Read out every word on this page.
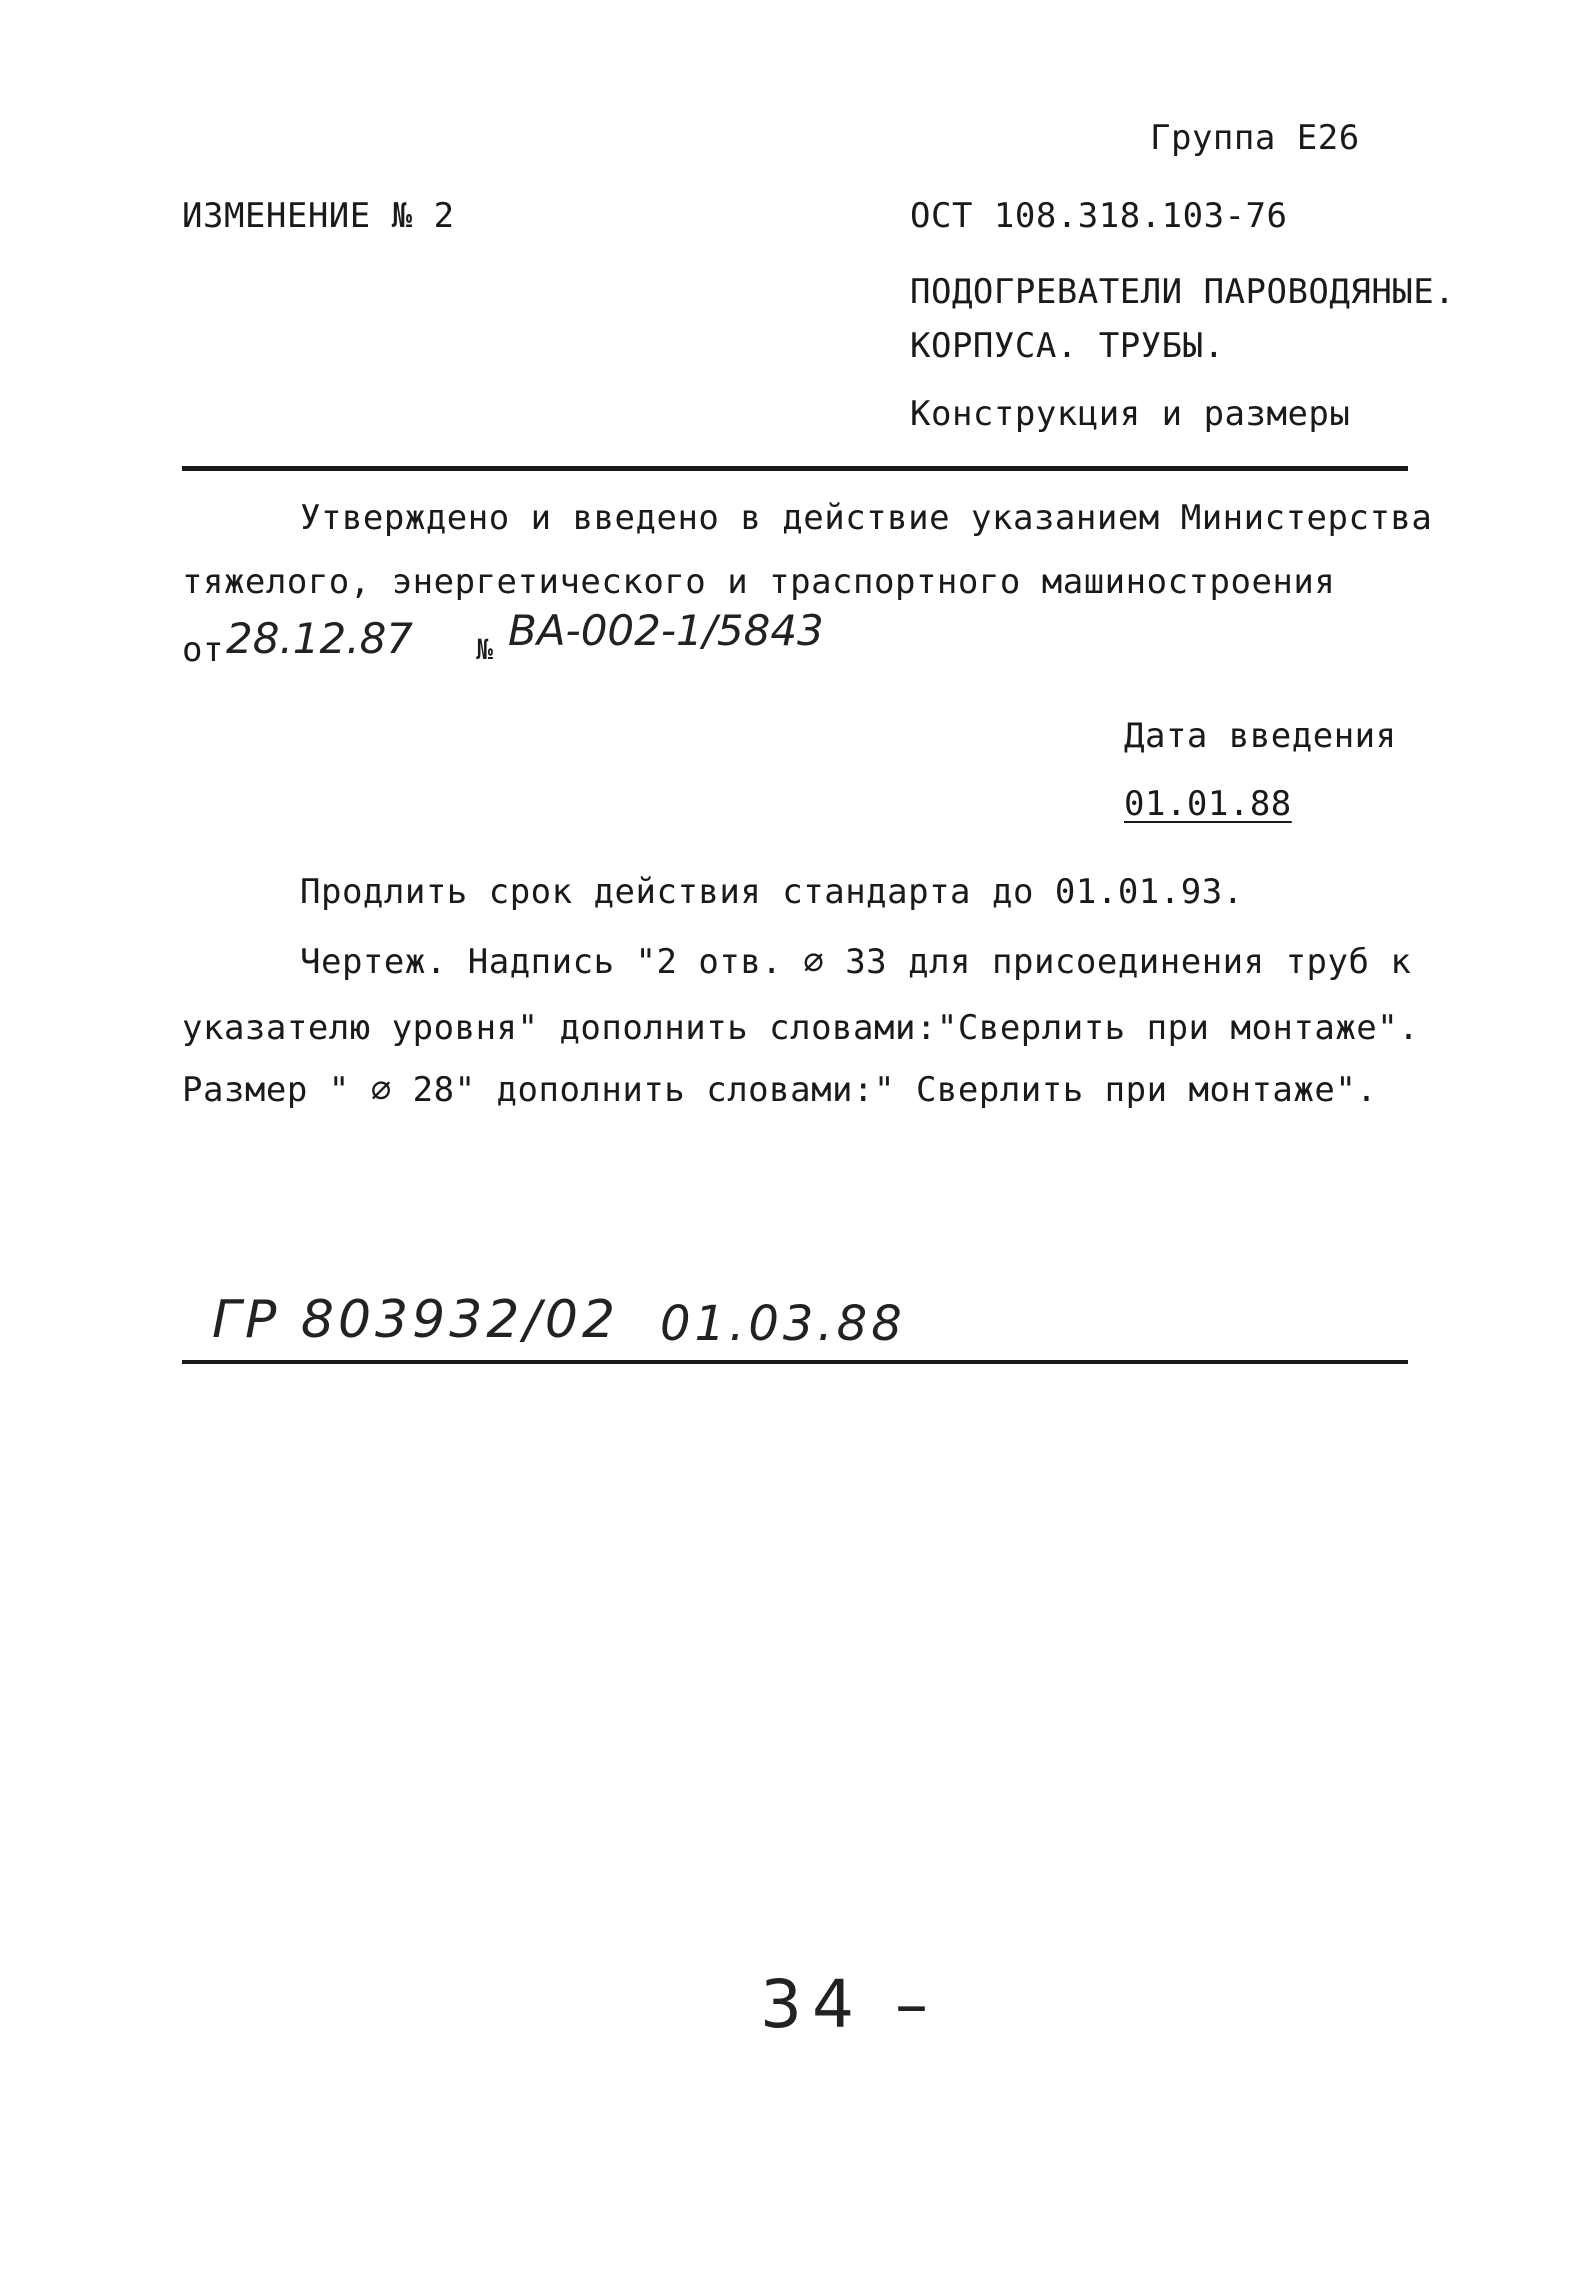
Группа Е26
ИЗМЕНЕНИЕ № 2	ОСТ 108.318.103-76
ПОДОГРЕВАТЕЛИ ПАРОВОДЯНЫЕ.
КОРПУСА. ТРУБЫ.
Конструкция и размеры
Утверждено и введено в действие указанием Министерства
тяжелого, энергетического и траспортного машиностроения
от 28.12.87 № ВА-002-1/5843
Дата введения
01.01.88
Продлить срок действия стандарта до 01.01.93.
Чертеж. Надпись "2 отв. ∅ 33 для присоединения труб к
указателю уровня" дополнить словами:"Сверлить при монтаже".
Размер " ∅ 28" дополнить словами:" Сверлить при монтаже".
ГР 803932/02 01.03.88
34 –
